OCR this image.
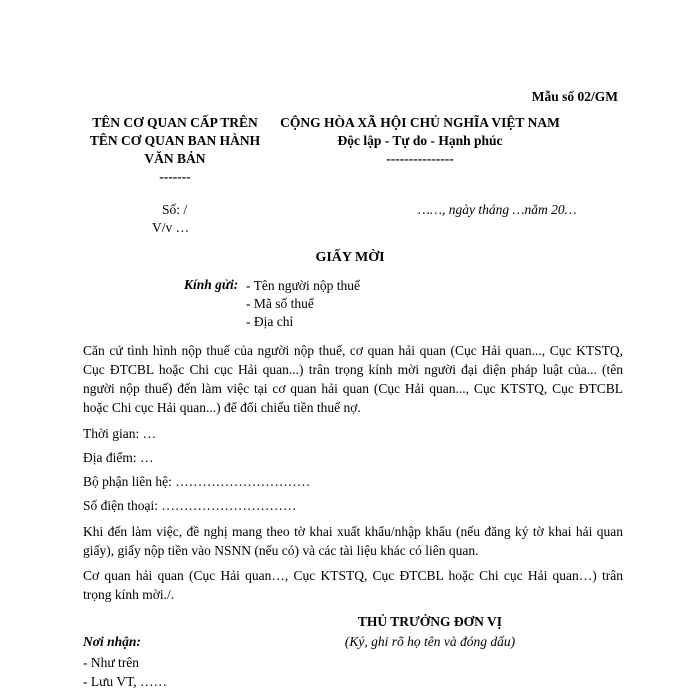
Mẫu số 02/GM
TÊN CƠ QUAN CẤP TRÊN
TÊN CƠ QUAN BAN HÀNH
VĂN BẢN
-------
CỘNG HÒA XÃ HỘI CHỦ NGHĨA VIỆT NAM
Độc lập - Tự do - Hạnh phúc
---------------
Số: /
V/v …
……, ngày tháng …năm 20…
GIẤY MỜI
Kính gửi: - Tên người nộp thuế
- Mã số thuế
- Địa chỉ
Căn cứ tình hình nộp thuế của người nộp thuế, cơ quan hải quan (Cục Hải quan..., Cục KTSTQ, Cục ĐTCBL hoặc Chi cục Hải quan...) trân trọng kính mời người đại diện pháp luật của... (tên người nộp thuế) đến làm việc tại cơ quan hải quan (Cục Hải quan..., Cục KTSTQ, Cục ĐTCBL hoặc Chi cục Hải quan...) để đối chiếu tiền thuế nợ.
Thời gian: …
Địa điểm: …
Bộ phận liên hệ: …………………………
Số điện thoại: …………………………
Khi đến làm việc, đề nghị mang theo tờ khai xuất khẩu/nhập khẩu (nếu đăng ký tờ khai hải quan giấy), giấy nộp tiền vào NSNN (nếu có) và các tài liệu khác có liên quan.
Cơ quan hải quan (Cục Hải quan…, Cục KTSTQ, Cục ĐTCBL hoặc Chi cục Hải quan…) trân trọng kính mời./.
THỦ TRƯỞNG ĐƠN VỊ
(Ký, ghi rõ họ tên và đóng dấu)
Nơi nhận:
- Như trên
- Lưu VT, ……
